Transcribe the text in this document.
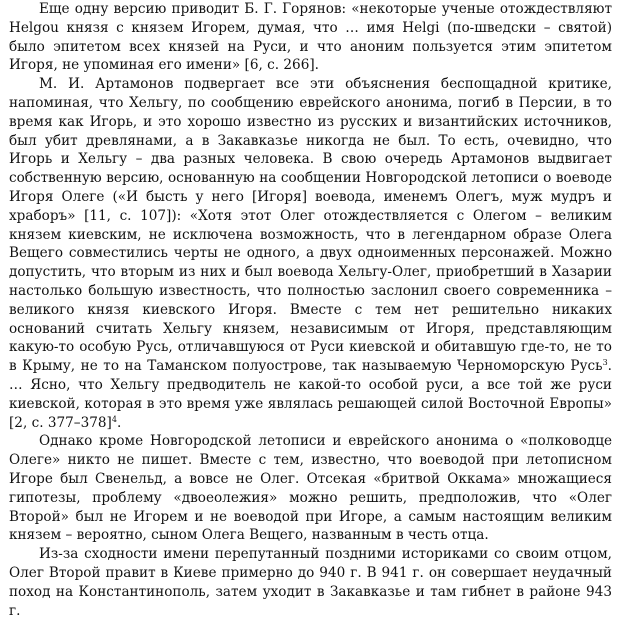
Еще одну версию приводит Б. Г. Горянов: «некоторые ученые отождествляют Helgou князя с князем Игорем, думая, что … имя Helgi (по-шведски – святой) было эпитетом всех князей на Руси, и что аноним пользуется этим эпитетом Игоря, не упоминая его имени» [6, с. 266].

М. И. Артамонов подвергает все эти объяснения беспощадной критике, напоминая, что Хельгу, по сообщению еврейского анонима, погиб в Персии, в то время как Игорь, и это хорошо известно из русских и византийских источников, был убит древлянами, а в Закавказье никогда не был. То есть, очевидно, что Игорь и Хельгу – два разных человека. В свою очередь Артамонов выдвигает собственную версию, основанную на сообщении Новгородской летописи о воеводе Игоря Олеге («И бысть у него [Игоря] воевода, именемъ Олегъ, муж мудръ и храборъ» [11, с. 107]): «Хотя этот Олег отождествляется с Олегом – великим князем киевским, не исключена возможность, что в легендарном образе Олега Вещего совместились черты не одного, а двух одноименных персонажей. Можно допустить, что вторым из них и был воевода Хельгу-Олег, приобретший в Хазарии настолько большую известность, что полностью заслонил своего современника – великого князя киевского Игоря. Вместе с тем нет решительно никаких оснований считать Хельгу князем, независимым от Игоря, представляющим какую-то особую Русь, отличавшуюся от Руси киевской и обитавшую где-то, не то в Крыму, не то на Таманском полуострове, так называемую Черноморскую Русь$^3$. … Ясно, что Хельгу предводитель не какой-то особой руси, а все той же руси киевской, которая в это время уже являлась решающей силой Восточной Европы» [2, с. 377–378]$^4$.

Однако кроме Новгородской летописи и еврейского анонима о «полководце Олеге» никто не пишет. Вместе с тем, известно, что воеводой при летописном Игоре был Свенельд, а вовсе не Олег. Отсекая «бритвой Оккама» множащиеся гипотезы, проблему «двоеолежия» можно решить, предположив, что «Олег Второй» был не Игорем и не воеводой при Игоре, а самым настоящим великим князем – вероятно, сыном Олега Вещего, названным в честь отца.

Из-за сходности имени перепутанный поздними историками со своим отцом, Олег Второй правит в Киеве примерно до 940 г. В 941 г. он совершает неудачный поход на Константинополь, затем уходит в Закавказье и там гибнет в районе 943 г.
